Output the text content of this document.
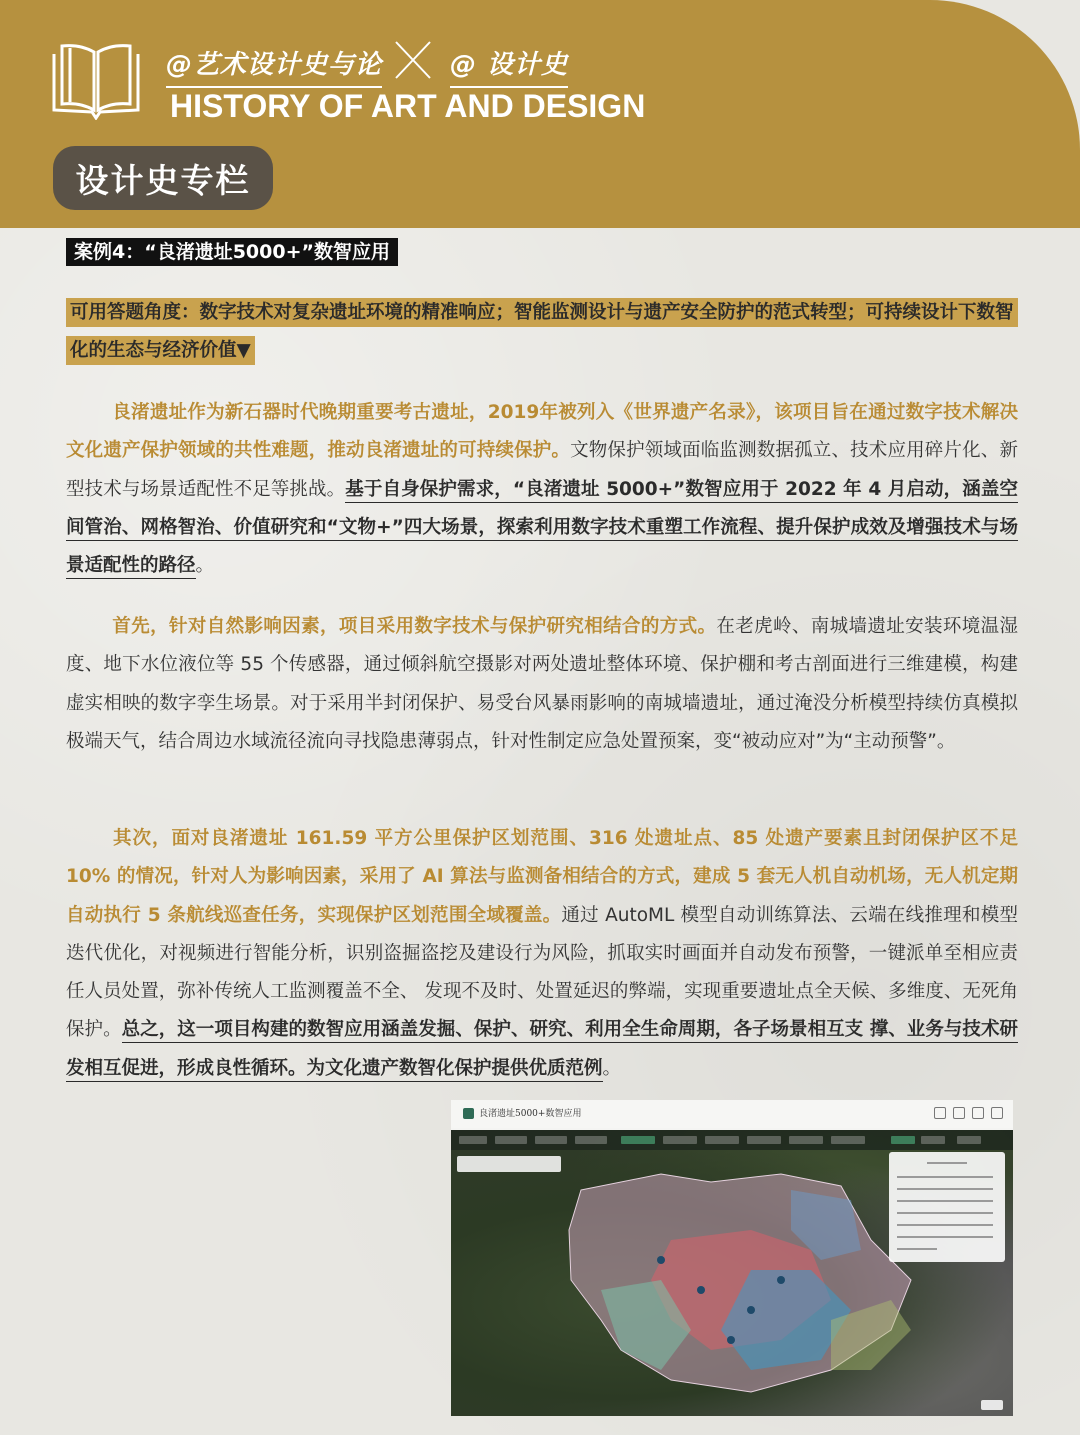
@艺术设计史与论	@ 设计史
HISTORY OF ART AND DESIGN
设计史专栏
案例4：“良渚遗址5000+”数智应用
可用答题角度：数字技术对复杂遗址环境的精准响应；智能监测设计与遗产安全防护的范式转型；可持续设计下数智化的生态与经济价值▼
良渚遗址作为新石器时代晚期重要考古遗址，2019年被列入《世界遗产名录》，该项目旨在通过数字技术解决文化遗产保护领域的共性难题，推动良渚遗址的可持续保护。文物保护领域面临监测数据孤立、技术应用碎片化、新型技术与场景适配性不足等挑战。基于自身保护需求，“良渚遗址 5000+”数智应用于 2022 年 4 月启动，涵盖空间管治、网格智治、价值研究和“文物+”四大场景，探索利用数字技术重塑工作流程、提升保护成效及增强技术与场景适配性的路径。
首先，针对自然影响因素，项目采用数字技术与保护研究相结合的方式。在老虎岭、南城墙遗址安装环境温湿度、地下水位液位等 55 个传感器，通过倾斜航空摄影对两处遗址整体环境、保护棚和考古剖面进行三维建模，构建虚实相映的数字孪生场景。对于采用半封闭保护、易受台风暴雨影响的南城墙遗址，通过淹没分析模型持续仿真模拟极端天气，结合周边水域流径流向寻找隐患薄弱点，针对性制定应急处置预案，变“被动应对”为“主动预警”。
其次，面对良渚遗址 161.59 平方公里保护区划范围、316 处遗址点、85 处遗产要素且封闭保护区不足 10% 的情况，针对人为影响因素，采用了 AI 算法与监测备相结合的方式，建成 5 套无人机自动机场，无人机定期自动执行 5 条航线巡查任务，实现保护区划范围全域覆盖。通过 AutoML 模型自动训练算法、云端在线推理和模型迭代优化，对视频进行智能分析，识别盗掘盗挖及建设行为风险，抓取实时画面并自动发布预警，一键派单至相应责任人员处置，弥补传统人工监测覆盖不全、 发现不及时、处置延迟的弊端，实现重要遗址点全天候、多维度、无死角保护。总之，这一项目构建的数智应用涵盖发掘、保护、研究、利用全生命周期，各子场景相互支 撑、业务与技术研发相互促进，形成良性循环。为文化遗产数智化保护提供优质范例。
良渚遗址5000+数智应用
